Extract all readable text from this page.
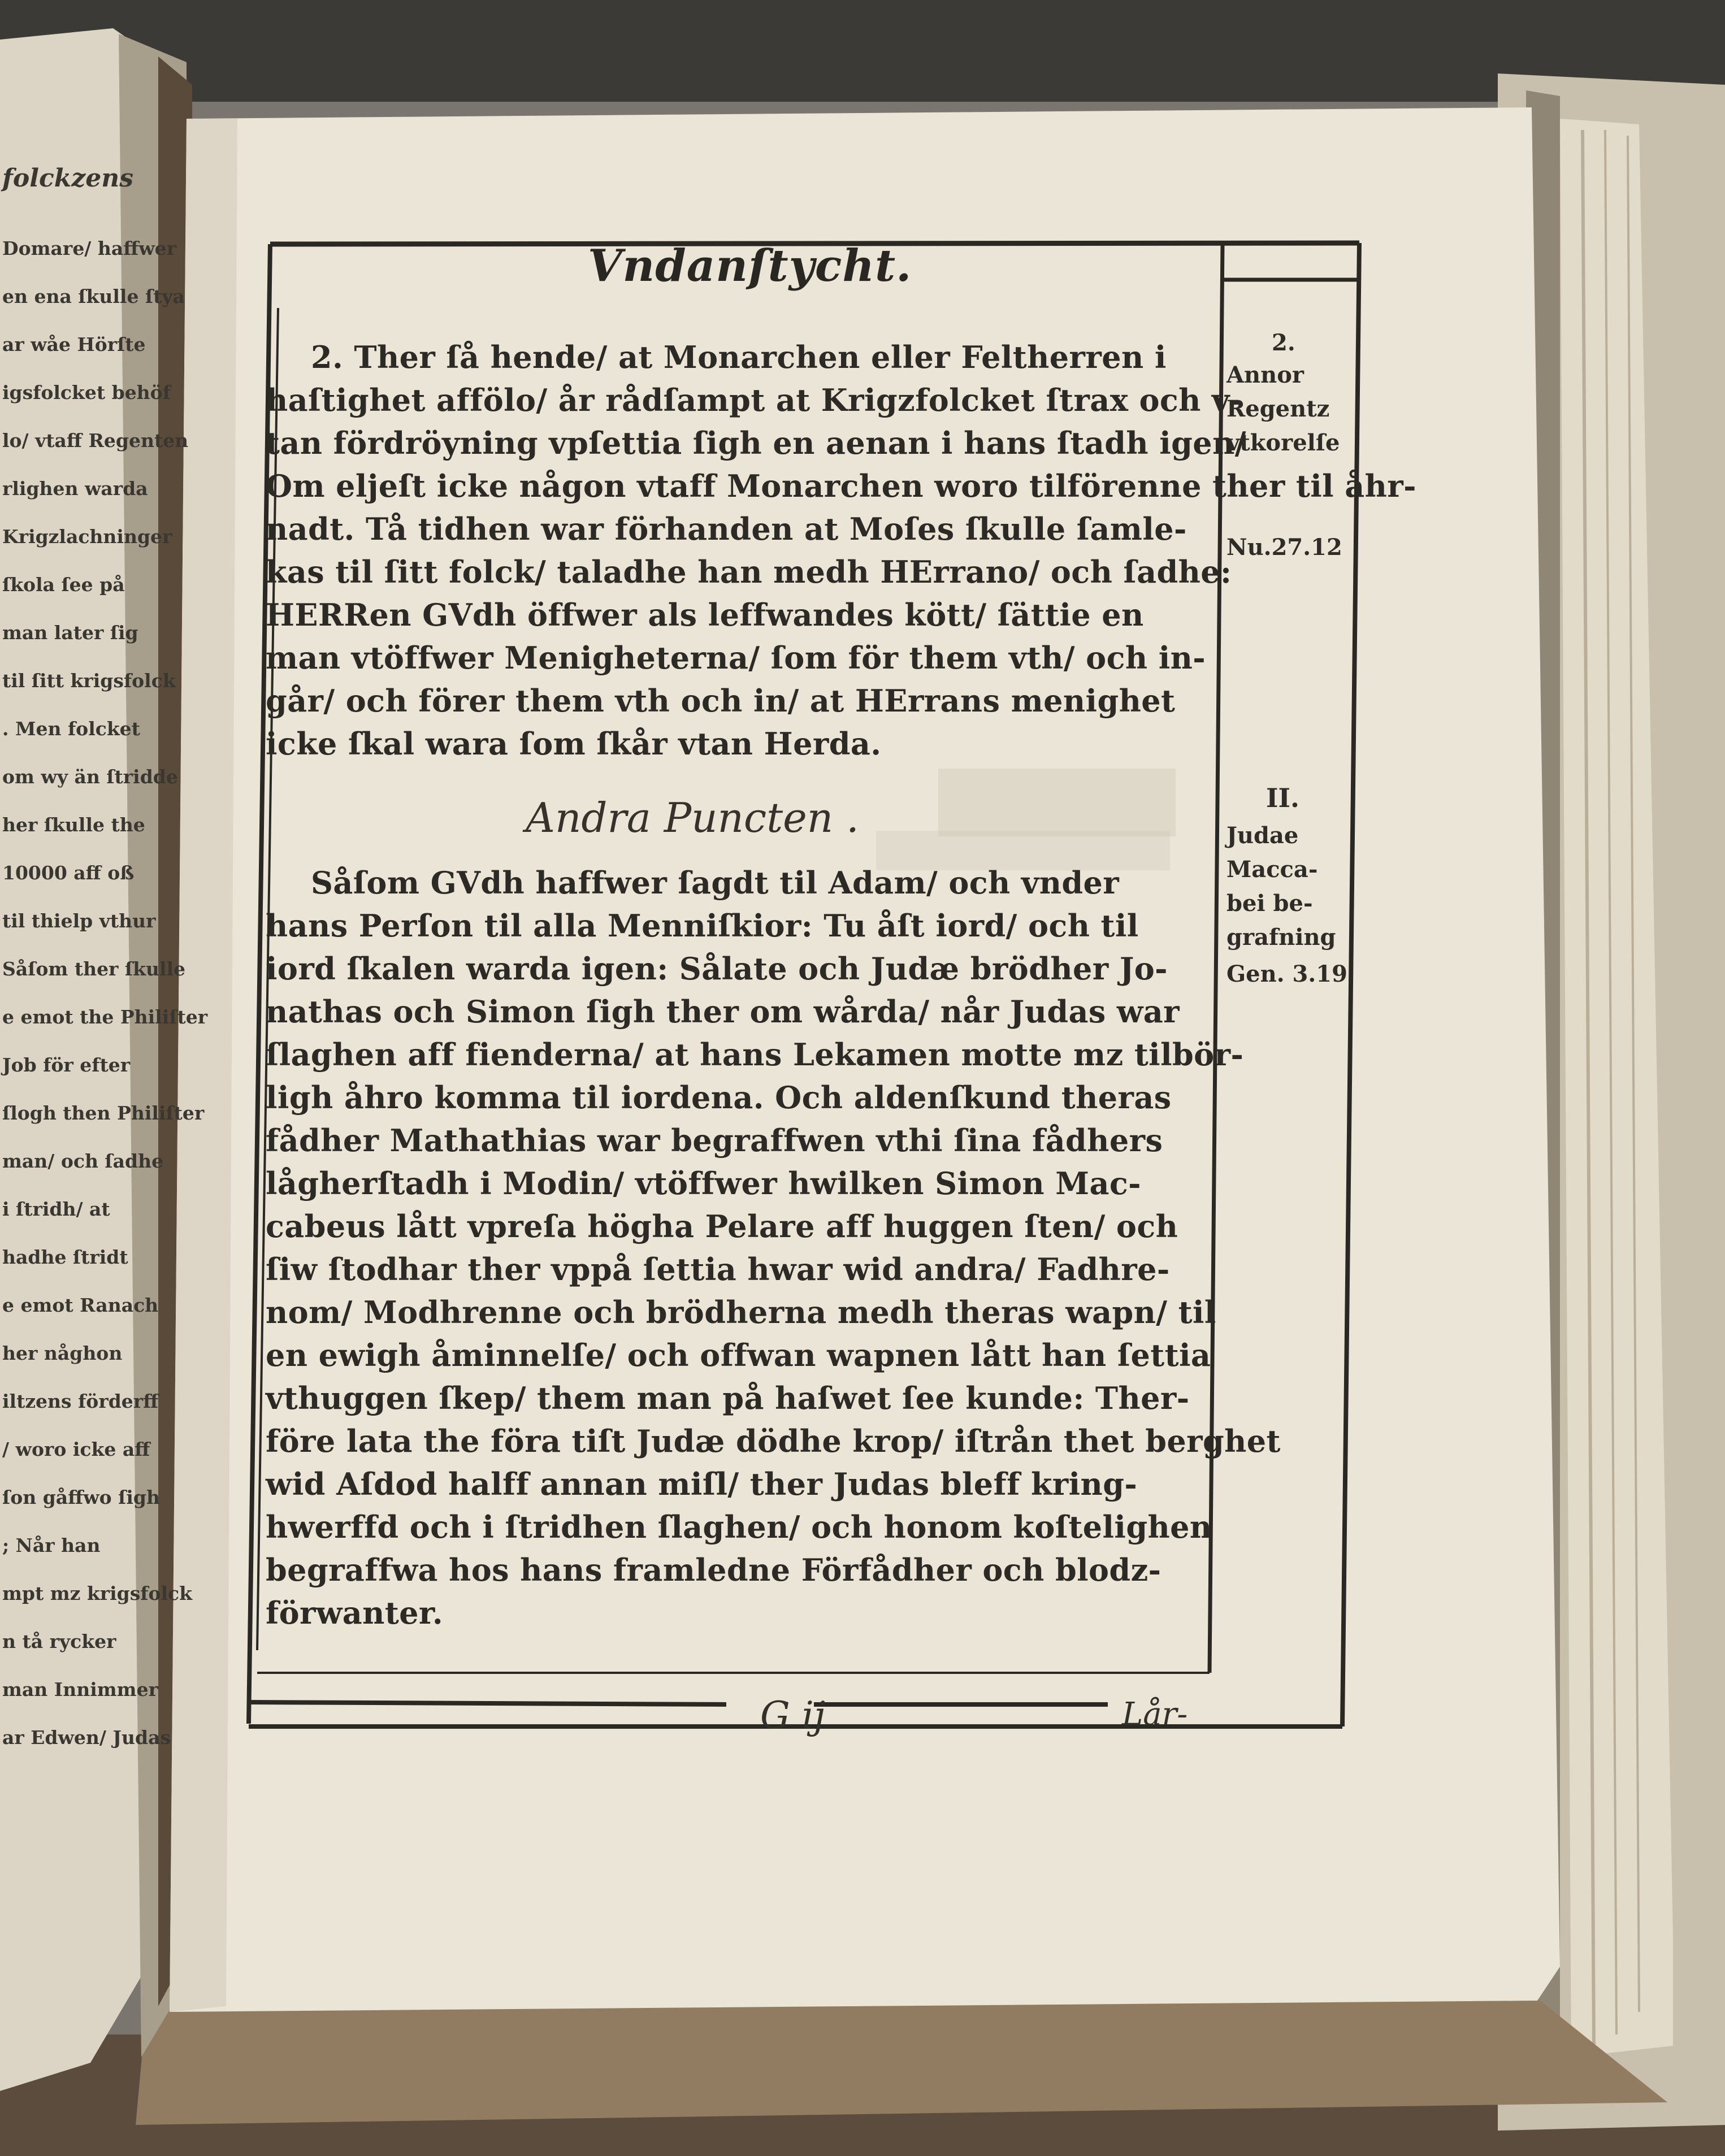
Vndanſtycht.
2. Ther ſå hende/ at Monarchen eller Feltherren i
haſtighet affölo/ år rådſampt at Krigzfolcket ſtrax och v-
tan fördröyning vpſettia ſigh en aenan i hans ſtadh igen/
Om eljeſt icke någon vtaff Monarchen woro tilförenne ther til åhr-
nadt. Tå tidhen war förhanden at Moſes ſkulle ſamle-
kas til ſitt folck/ taladhe han medh HErrano/ och ſadhe:
HERRen GVdh öffwer als leffwandes kött/ ſättie en
man vtöffwer Menigheterna/ ſom för them vth/ och in-
går/ och förer them vth och in/ at HErrans menighet
icke ſkal wara ſom ſkår vtan Herda.
Andra Puncten .
Såſom GVdh haffwer ſagdt til Adam/ och vnder
hans Perſon til alla Menniſkior: Tu åſt iord/ och til
iord ſkalen warda igen: Sålate och Judæ brödher Jo-
nathas och Simon ſigh ther om wårda/ når Judas war
ſlaghen aff fienderna/ at hans Lekamen motte mz tilbör-
ligh åhro komma til iordena. Och aldenſkund theras
fådher Mathathias war begraffwen vthi ſina fådhers
lågherſtadh i Modin/ vtöffwer hwilken Simon Mac-
cabeus lått vpreſa högha Pelare aff huggen ſten/ och
ſiw ſtodhar ther vppå ſettia hwar wid andra/ Fadhre-
nom/ Modhrenne och brödherna medh theras wapn/ til
en ewigh åminnelſe/ och offwan wapnen lått han ſettia
vthuggen ſkep/ them man på haſwet ſee kunde: Ther-
före lata the föra tiſt Judæ dödhe krop/ iſtrån thet berghet
wid Aſdod halff annan miſl/ ther Judas bleff kring-
hwerffd och i ſtridhen ſlaghen/ och honom koſtelighen
begraffwa hos hans framledne Förfådher och blodz-
förwanter.
2.
Annor
Regentz
vtkorelſe
Nu.27.12
II.
Judae
Macca-
bei be-
grafning
Gen. 3.19
folckzens
Domare/ haffwer
en ena ſkulle ſtya
ar wåe Hörſte
igsfolcket behöf
lo/ vtaff Regenten
rlighen warda
Krigzlachninger
ſkola ſee på
man later ſig
til ſitt krigsfolck
. Men folcket
om wy än ſtridde
her ſkulle the
10000 aff oß
til thielp vthur
Såſom ther ſkulle
e emot the Philiſter
Job för efter
ſlogh then Philiſter
man/ och ſadhe
i ſtridh/ at
hadhe ſtridt
e emot Ranach
her någhon
iltzens förderff
/ woro icke aff
ſon gåffwo ſigh
; Når han
mpt mz krigsfolck
n tå rycker
man Innimmer
ar Edwen/ Judas
G ij	Lår-
